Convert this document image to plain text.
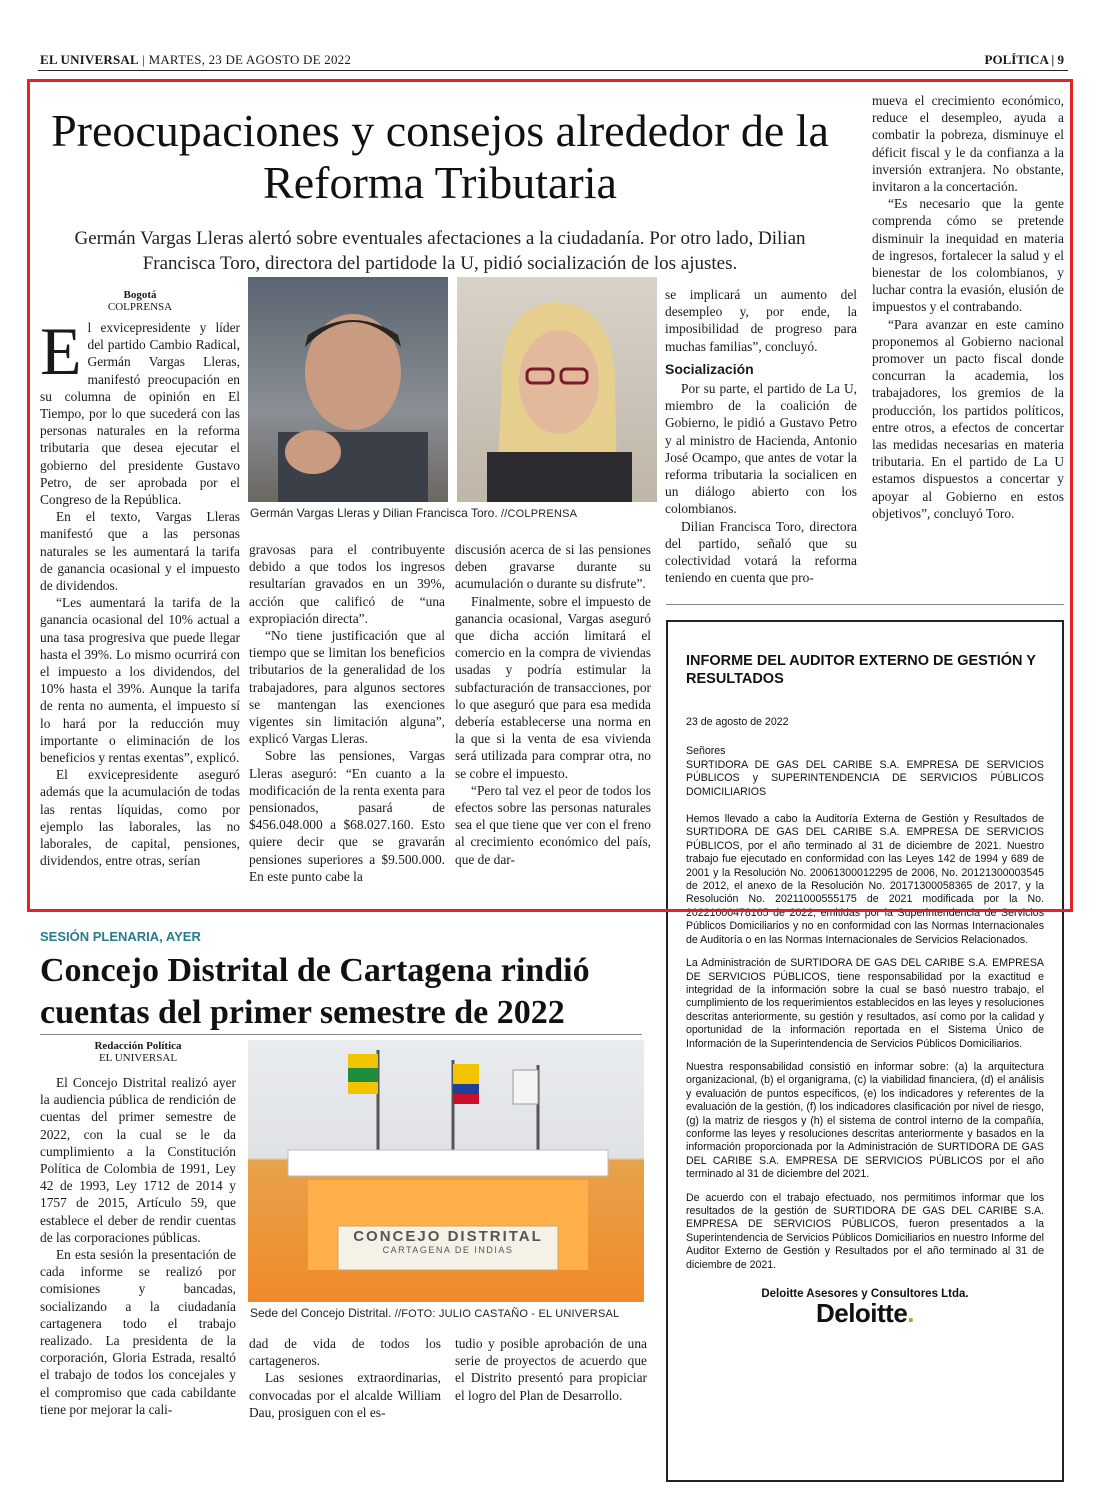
EL UNIVERSAL | MARTES, 23 DE AGOSTO DE 2022	POLÍTICA | 9
Preocupaciones y consejos alrededor de la Reforma Tributaria
Germán Vargas Lleras alertó sobre eventuales afectaciones a la ciudadanía. Por otro lado, Dilian Francisca Toro, directora del partidode la U, pidió socialización de los ajustes.
Bogotá
COLPRENSA
E l exvicepresidente y líder del partido Cambio Radical, Germán Vargas Lleras, manifestó preocupación en su columna de opinión en El Tiempo, por lo que sucederá con las personas naturales en la reforma tributaria que desea ejecutar el gobierno del presidente Gustavo Petro, de ser aprobada por el Congreso de la República.

En el texto, Vargas Lleras manifestó que a las personas naturales se les aumentará la tarifa de ganancia ocasional y el impuesto de dividendos.

“Les aumentará la tarifa de la ganancia ocasional del 10% actual a una tasa progresiva que puede llegar hasta el 39%. Lo mismo ocurrirá con el impuesto a los dividendos, del 10% hasta el 39%. Aunque la tarifa de renta no aumenta, el impuesto sí lo hará por la reducción muy importante o eliminación de los beneficios y rentas exentas”, explicó.

El exvicepresidente aseguró además que la acumulación de todas las rentas líquidas, como por ejemplo las laborales, las no laborales, de capital, pensiones, dividendos, entre otras, serían

Germán Vargas Lleras y Dilian Francisca Toro. //COLPRENSA

gravosas para el contribuyente debido a que todos los ingresos resultarían gravados en un 39%, acción que calificó de “una expropiación directa”.

“No tiene justificación que al tiempo que se limitan los beneficios tributarios de la generalidad de los trabajadores, para algunos sectores se mantengan las exenciones vigentes sin limitación alguna”, explicó Vargas Lleras.

Sobre las pensiones, Vargas Lleras aseguró: “En cuanto a la modificación de la renta exenta para pensionados, pasará de $456.048.000 a $68.027.160. Esto quiere decir que se gravarán pensiones superiores a $9.500.000. En este punto cabe la

discusión acerca de si las pensiones deben gravarse durante su acumulación o durante su disfrute”.

Finalmente, sobre el impuesto de ganancia ocasional, Vargas aseguró que dicha acción limitará el comercio en la compra de viviendas usadas y podría estimular la subfacturación de transacciones, por lo que aseguró que para esa medida debería establecerse una norma en la que si la venta de esa vivienda será utilizada para comprar otra, no se cobre el impuesto.

“Pero tal vez el peor de todos los efectos sobre las personas naturales sea el que tiene que ver con el freno al crecimiento económico del país, que de dar-

se implicará un aumento del desempleo y, por ende, la imposibilidad de progreso para muchas familias”, concluyó.

Socialización

Por su parte, el partido de La U, miembro de la coalición de Gobierno, le pidió a Gustavo Petro y al ministro de Hacienda, Antonio José Ocampo, que antes de votar la reforma tributaria la socialicen en un diálogo abierto con los colombianos.

Dilian Francisca Toro, directora del partido, señaló que su colectividad votará la reforma teniendo en cuenta que pro-

mueva el crecimiento económico, reduce el desempleo, ayuda a combatir la pobreza, disminuye el déficit fiscal y le da confianza a la inversión extranjera. No obstante, invitaron a la concertación.

“Es necesario que la gente comprenda cómo se pretende disminuir la inequidad en materia de ingresos, fortalecer la salud y el bienestar de los colombianos, y luchar contra la evasión, elusión de impuestos y el contrabando.

“Para avanzar en este camino proponemos al Gobierno nacional promover un pacto fiscal donde concurran la academia, los trabajadores, los gremios de la producción, los partidos políticos, entre otros, a efectos de concertar las medidas necesarias en materia tributaria. En el partido de La U estamos dispuestos a concertar y apoyar al Gobierno en estos objetivos”, concluyó Toro.

INFORME DEL AUDITOR EXTERNO DE GESTIÓN Y RESULTADOS

23 de agosto de 2022

Señores

SURTIDORA DE GAS DEL CARIBE S.A. EMPRESA DE SERVICIOS PÚBLICOS y SUPERINTENDENCIA DE SERVICIOS PÚBLICOS DOMICILIARIOS

Hemos llevado a cabo la Auditoría Externa de Gestión y Resultados de SURTIDORA DE GAS DEL CARIBE S.A. EMPRESA DE SERVICIOS PÚBLICOS, por el año terminado al 31 de diciembre de 2021. Nuestro trabajo fue ejecutado en conformidad con las Leyes 142 de 1994 y 689 de 2001 y la Resolución No. 20061300012295 de 2006, No. 20121300003545 de 2012, el anexo de la Resolución No. 20171300058365 de 2017, y la Resolución No. 20211000555175 de 2021 modificada por la No. 20221000478165 de 2022, emitidas por la Superintendencia de Servicios Públicos Domiciliarios y no en conformidad con las Normas Internacionales de Auditoría o en las Normas Internacionales de Servicios Relacionados.

La Administración de SURTIDORA DE GAS DEL CARIBE S.A. EMPRESA DE SERVICIOS PÚBLICOS, tiene responsabilidad por la exactitud e integridad de la información sobre la cual se basó nuestro trabajo, el cumplimiento de los requerimientos establecidos en las leyes y resoluciones descritas anteriormente, su gestión y resultados, así como por la calidad y oportunidad de la información reportada en el Sistema Único de Información de la Superintendencia de Servicios Públicos Domiciliarios.

Nuestra responsabilidad consistió en informar sobre: (a) la arquitectura organizacional, (b) el organigrama, (c) la viabilidad financiera, (d) el análisis y evaluación de puntos específicos, (e) los indicadores y referentes de la evaluación de la gestión, (f) los indicadores clasificación por nivel de riesgo, (g) la matriz de riesgos y (h) el sistema de control interno de la compañía, conforme las leyes y resoluciones descritas anteriormente y basados en la información proporcionada por la Administración de SURTIDORA DE GAS DEL CARIBE S.A. EMPRESA DE SERVICIOS PÚBLICOS por el año terminado al 31 de diciembre del 2021.

De acuerdo con el trabajo efectuado, nos permitimos informar que los resultados de la gestión de SURTIDORA DE GAS DEL CARIBE S.A. EMPRESA DE SERVICIOS PÚBLICOS, fueron presentados a la Superintendencia de Servicios Públicos Domiciliarios en nuestro Informe del Auditor Externo de Gestión y Resultados por el año terminado al 31 de diciembre de 2021.

Deloitte Asesores y Consultores Ltda.
Deloitte.
SESIÓN PLENARIA, AYER
Concejo Distrital de Cartagena rindió cuentas del primer semestre de 2022
Redacción Política
EL UNIVERSAL

El Concejo Distrital realizó ayer la audiencia pública de rendición de cuentas del primer semestre de 2022, con la cual se le da cumplimiento a la Constitución Política de Colombia de 1991, Ley 42 de 1993, Ley 1712 de 2014 y 1757 de 2015, Artículo 59, que establece el deber de rendir cuentas de las corporaciones públicas.

En esta sesión la presentación de cada informe se realizó por comisiones y bancadas, socializando a la ciudadanía cartagenera todo el trabajo realizado. La presidenta de la corporación, Gloria Estrada, resaltó el trabajo de todos los concejales y el compromiso que cada cabildante tiene por mejorar la cali-

CONCEJO DISTRITAL
CARTAGENA DE INDIAS
Sede del Concejo Distrital. //FOTO: JULIO CASTAÑO - EL UNIVERSAL

dad de vida de todos los cartageneros.

Las sesiones extraordinarias, convocadas por el alcalde William Dau, prosiguen con el es-

tudio y posible aprobación de una serie de proyectos de acuerdo que el Distrito presentó para propiciar el logro del Plan de Desarrollo.
